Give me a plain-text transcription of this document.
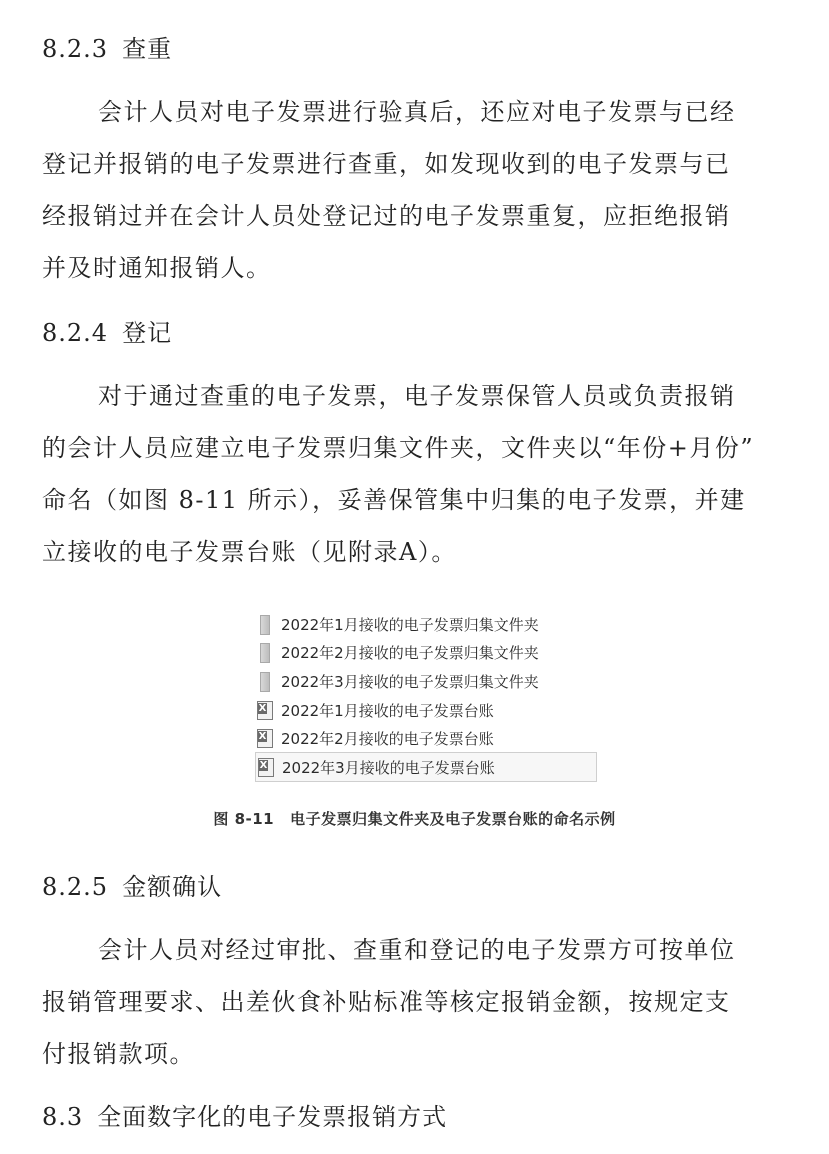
8.2.3 查重
会计人员对电子发票进行验真后，还应对电子发票与已经
登记并报销的电子发票进行查重，如发现收到的电子发票与已
经报销过并在会计人员处登记过的电子发票重复，应拒绝报销
并及时通知报销人。
8.2.4 登记
对于通过查重的电子发票，电子发票保管人员或负责报销
的会计人员应建立电子发票归集文件夹，文件夹以“年份+月份”
命名（如图 8-11 所示），妥善保管集中归集的电子发票，并建
立接收的电子发票台账（见附录A）。
2022年1月接收的电子发票归集文件夹
2022年2月接收的电子发票归集文件夹
2022年3月接收的电子发票归集文件夹
X
2022年1月接收的电子发票台账
X
2022年2月接收的电子发票台账
X
2022年3月接收的电子发票台账
图 8-11 电子发票归集文件夹及电子发票台账的命名示例
8.2.5 金额确认
会计人员对经过审批、查重和登记的电子发票方可按单位
报销管理要求、出差伙食补贴标准等核定报销金额，按规定支
付报销款项。
8.3 全面数字化的电子发票报销方式
